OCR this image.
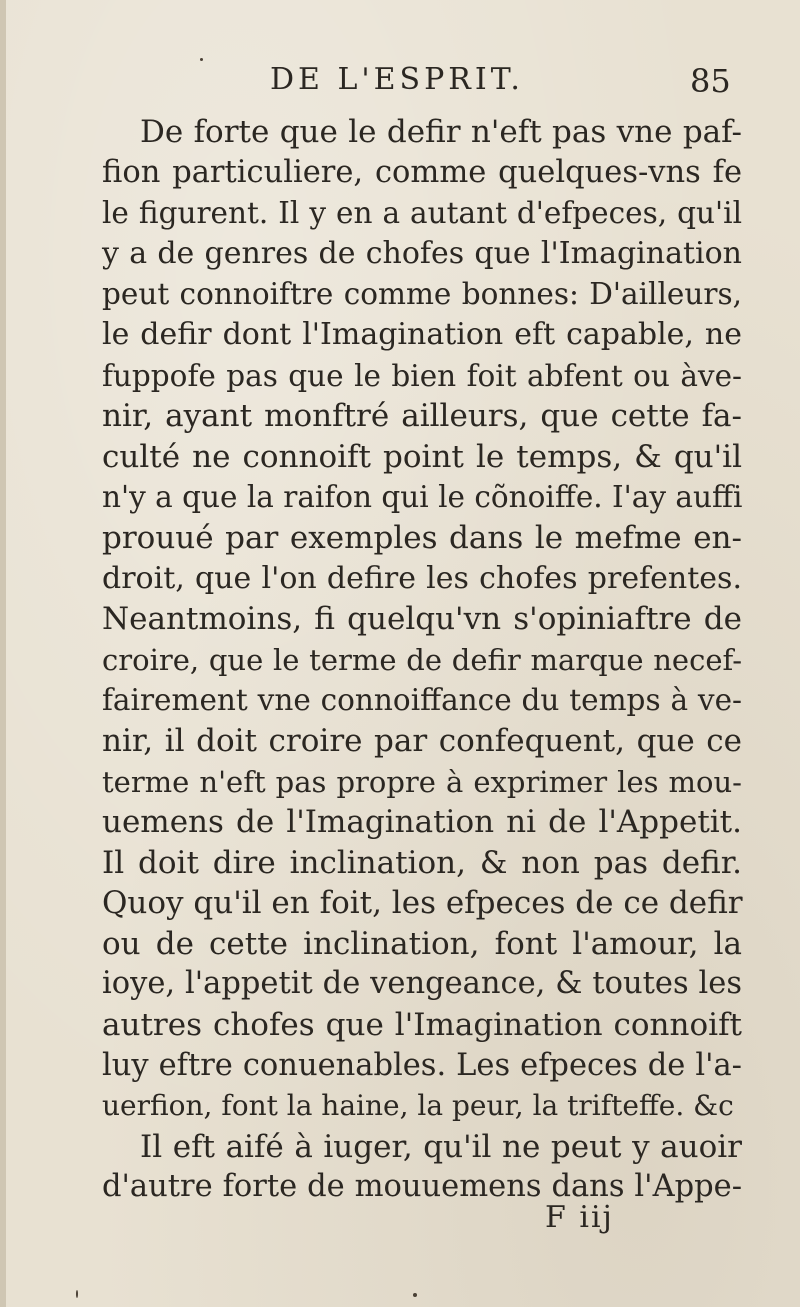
DE L'ESPRIT.	85
De forte que le defir n'eft pas vne paf-
fion particuliere, comme quelques-vns fe
le figurent. Il y en a autant d'efpeces, qu'il
y a de genres de chofes que l'Imagination
peut connoiftre comme bonnes: D'ailleurs,
le defir dont l'Imagination eft capable, ne
fuppofe pas que le bien foit abfent ou àve-
nir, ayant monftré ailleurs, que cette fa-
culté ne connoift point le temps, & qu'il
n'y a que la raifon qui le cõnoiffe. I'ay auffi
prouué par exemples dans le mefme en-
droit, que l'on defire les chofes prefentes.
Neantmoins, fi quelqu'vn s'opiniaftre de
croire, que le terme de defir marque necef-
fairement vne connoiffance du temps à ve-
nir, il doit croire par confequent, que ce
terme n'eft pas propre à exprimer les mou-
uemens de l'Imagination ni de l'Appetit.
Il doit dire inclination, & non pas defir.
Quoy qu'il en foit, les efpeces de ce defir
ou de cette inclination, font l'amour, la
ioye, l'appetit de vengeance, & toutes les
autres chofes que l'Imagination connoift
luy eftre conuenables. Les efpeces de l'a-
uerfion, font la haine, la peur, la trifteffe. &c
Il eft aifé à iuger, qu'il ne peut y auoir
d'autre forte de mouuemens dans l'Appe-
F iij
